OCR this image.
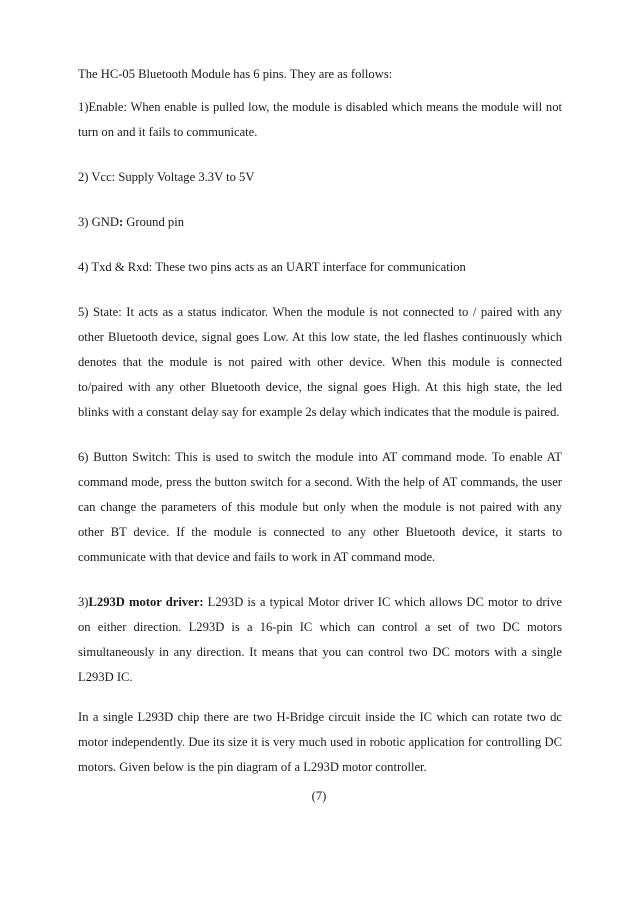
The HC-05 Bluetooth Module has 6 pins. They are as follows:

1)Enable: When enable is pulled low, the module is disabled which means the module will not turn on and it fails to communicate.

2) Vcc: Supply Voltage 3.3V to 5V

3) GND: Ground pin

4) Txd & Rxd: These two pins acts as an UART interface for communication

5) State: It acts as a status indicator. When the module is not connected to / paired with any other Bluetooth device, signal goes Low. At this low state, the led flashes continuously which denotes that the module is not paired with other device. When this module is connected to/paired with any other Bluetooth device, the signal goes High. At this high state, the led blinks with a constant delay say for example 2s delay which indicates that the module is paired.

6) Button Switch: This is used to switch the module into AT command mode. To enable AT command mode, press the button switch for a second. With the help of AT commands, the user can change the parameters of this module but only when the module is not paired with any other BT device. If the module is connected to any other Bluetooth device, it starts to communicate with that device and fails to work in AT command mode.

3)L293D motor driver: L293D is a typical Motor driver IC which allows DC motor to drive on either direction. L293D is a 16-pin IC which can control a set of two DC motors simultaneously in any direction. It means that you can control two DC motors with a single L293D IC.

In a single L293D chip there are two H-Bridge circuit inside the IC which can rotate two dc motor independently. Due its size it is very much used in robotic application for controlling DC motors. Given below is the pin diagram of a L293D motor controller.

(7)
